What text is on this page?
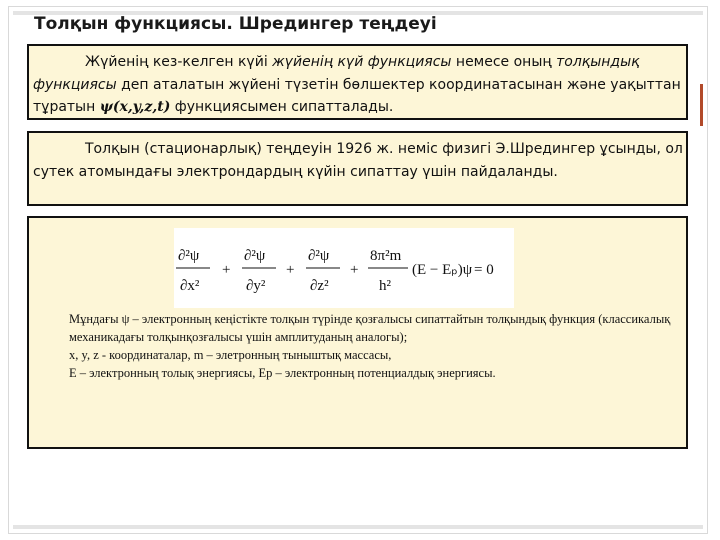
Толқын функциясы. Шредингер теңдеуі

Жүйенің кез-келген күйі жүйенің күй функциясы немесе оның толқындық функциясы деп аталатын жүйені түзетін бөлшектер координатасынан және уақыттан тұратын ψ(x,y,z,t) функциясымен сипатталады.

Толқын (стационарлық) теңдеуін 1926 ж. неміс физигі Э.Шредингер ұсынды, ол сутек атомындағы электрондардың күйін сипаттау үшін пайдаланды.

∂²ψ
∂x²
+
∂²ψ
∂y²
+
∂²ψ
∂z²
+
8π²m
h²
(E − Eₚ)ψ = 0

Мұндағы ψ – электронның кеңістікте толқын түрінде қозғалысы сипаттайтын толқындық функция (классикалық механикадағы толқынқозғалысы үшін амплитуданың аналогы);

x, y, z - координаталар, m – элетронның тыныштық массасы,

E – электронның толық энергиясы, Eр – электронның потенциалдық энергиясы.
